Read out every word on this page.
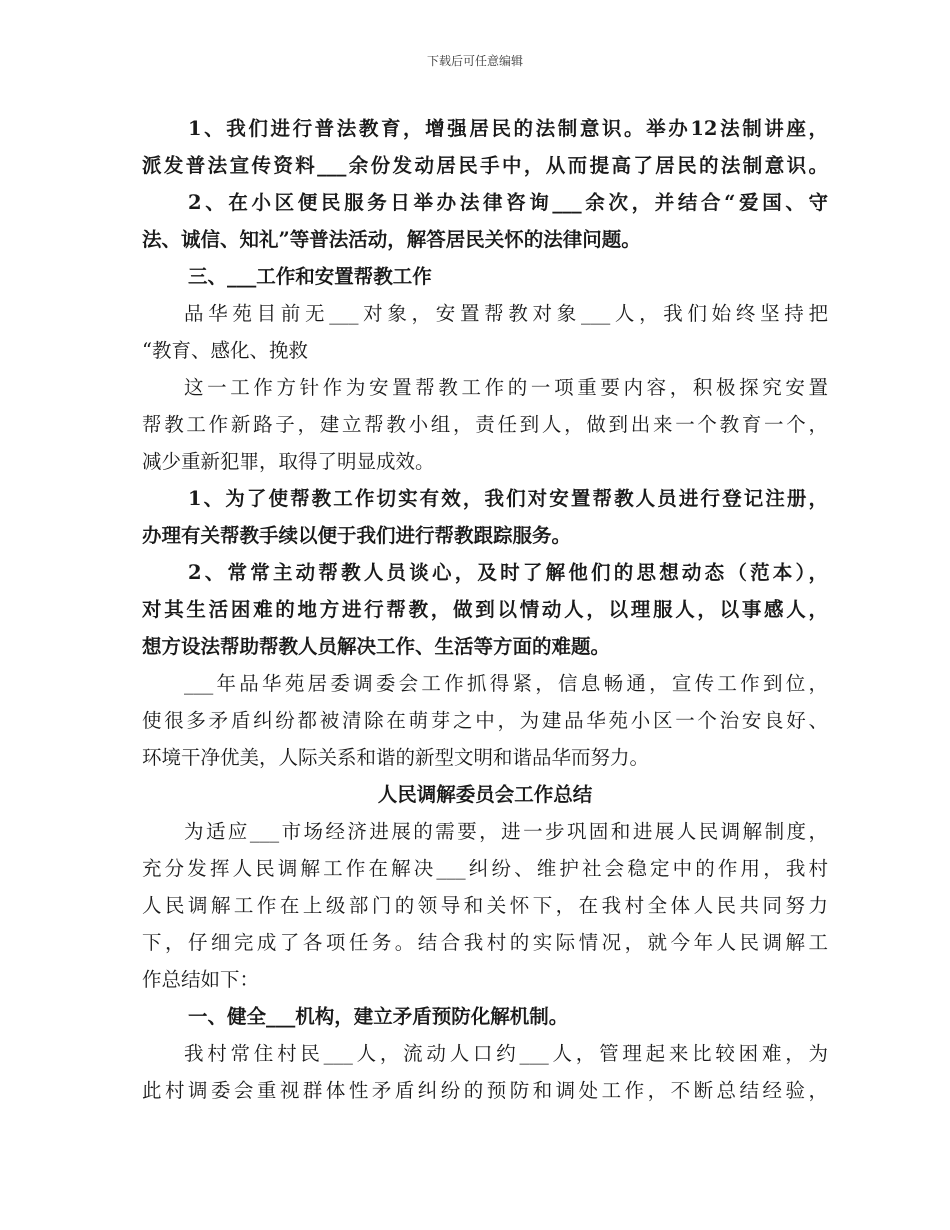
下载后可任意编辑
1、我们进行普法教育，增强居民的法制意识。举办12法制讲座，
派发普法宣传资料___余份发动居民手中，从而提高了居民的法制意识。
2、在小区便民服务日举办法律咨询___余次，并结合“爱国、守
法、诚信、知礼”等普法活动，解答居民关怀的法律问题。
三、___工作和安置帮教工作
品华苑目前无___对象，安置帮教对象___人，我们始终坚持把
“教育、感化、挽救
这一工作方针作为安置帮教工作的一项重要内容，积极探究安置
帮教工作新路子，建立帮教小组，责任到人，做到出来一个教育一个，
减少重新犯罪，取得了明显成效。
1、为了使帮教工作切实有效，我们对安置帮教人员进行登记注册，
办理有关帮教手续以便于我们进行帮教跟踪服务。
2、常常主动帮教人员谈心，及时了解他们的思想动态（范本），
对其生活困难的地方进行帮教，做到以情动人，以理服人，以事感人，
想方设法帮助帮教人员解决工作、生活等方面的难题。
___年品华苑居委调委会工作抓得紧，信息畅通，宣传工作到位，
使很多矛盾纠纷都被清除在萌芽之中，为建品华苑小区一个治安良好、
环境干净优美，人际关系和谐的新型文明和谐品华而努力。
人民调解委员会工作总结
为适应___市场经济进展的需要，进一步巩固和进展人民调解制度，
充分发挥人民调解工作在解决___纠纷、维护社会稳定中的作用，我村
人民调解工作在上级部门的领导和关怀下，在我村全体人民共同努力
下，仔细完成了各项任务。结合我村的实际情况，就今年人民调解工
作总结如下：
一、健全___机构，建立矛盾预防化解机制。
我村常住村民___人，流动人口约___人，管理起来比较困难，为
此村调委会重视群体性矛盾纠纷的预防和调处工作，不断总结经验，
